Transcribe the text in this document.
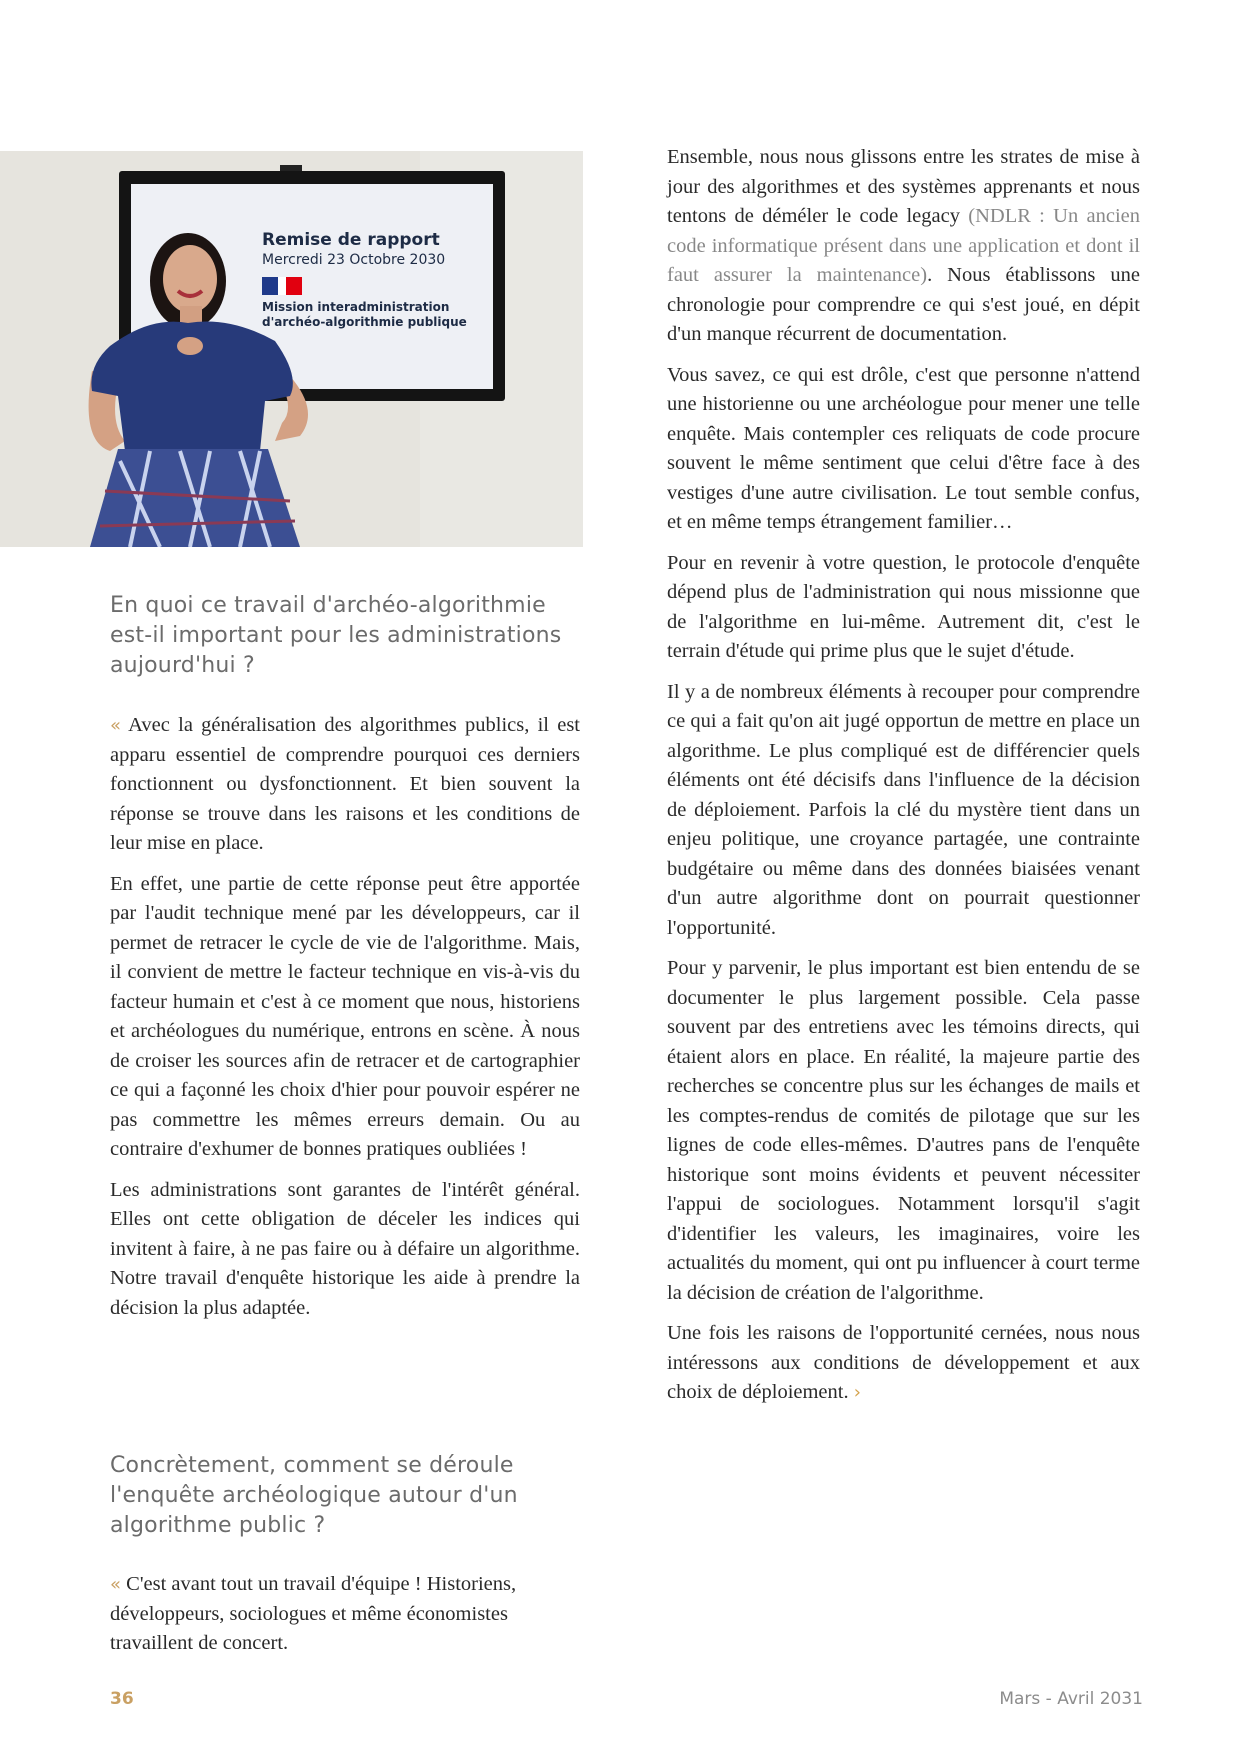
Remise de rapport
Mercredi 23 Octobre 2030
Mission interadministration
d'archéo-algorithmie publique
En quoi ce travail d'archéo-algorithmie est-il important pour les administrations aujourd'hui ?

« Avec la généralisation des algorithmes publics, il est apparu essentiel de comprendre pourquoi ces derniers fonctionnent ou dysfonctionnent. Et bien souvent la réponse se trouve dans les raisons et les conditions de leur mise en place.

En effet, une partie de cette réponse peut être apportée par l'audit technique mené par les développeurs, car il permet de retracer le cycle de vie de l'algorithme. Mais, il convient de mettre le facteur technique en vis-à-vis du facteur humain et c'est à ce moment que nous, historiens et archéologues du numérique, entrons en scène. À nous de croiser les sources afin de retracer et de cartographier ce qui a façonné les choix d'hier pour pouvoir espérer ne pas commettre les mêmes erreurs demain. Ou au contraire d'exhumer de bonnes pratiques oubliées !

Les administrations sont garantes de l'intérêt général. Elles ont cette obligation de déceler les indices qui invitent à faire, à ne pas faire ou à défaire un algorithme. Notre travail d'enquête historique les aide à prendre la décision la plus adaptée.

Concrètement, comment se déroule l'enquête archéologique autour d'un algorithme public ?

« C'est avant tout un travail d'équipe ! Historiens, développeurs, sociologues et même économistes travaillent de concert.

Ensemble, nous nous glissons entre les strates de mise à jour des algorithmes et des systèmes apprenants et nous tentons de déméler le code legacy (NDLR : Un ancien code informatique présent dans une application et dont il faut assurer la maintenance). Nous établissons une chronologie pour comprendre ce qui s'est joué, en dépit d'un manque récurrent de documentation.

Vous savez, ce qui est drôle, c'est que personne n'attend une historienne ou une archéologue pour mener une telle enquête. Mais contempler ces reliquats de code procure souvent le même sentiment que celui d'être face à des vestiges d'une autre civilisation. Le tout semble confus, et en même temps étrangement familier…

Pour en revenir à votre question, le protocole d'enquête dépend plus de l'administration qui nous missionne que de l'algorithme en lui-même. Autrement dit, c'est le terrain d'étude qui prime plus que le sujet d'étude.

Il y a de nombreux éléments à recouper pour comprendre ce qui a fait qu'on ait jugé opportun de mettre en place un algorithme. Le plus compliqué est de différencier quels éléments ont été décisifs dans l'influence de la décision de déploiement. Parfois la clé du mystère tient dans un enjeu politique, une croyance partagée, une contrainte budgétaire ou même dans des données biaisées venant d'un autre algorithme dont on pourrait questionner l'opportunité.

Pour y parvenir, le plus important est bien entendu de se documenter le plus largement possible. Cela passe souvent par des entretiens avec les témoins directs, qui étaient alors en place. En réalité, la majeure partie des recherches se concentre plus sur les échanges de mails et les comptes-rendus de comités de pilotage que sur les lignes de code elles-mêmes. D'autres pans de l'enquête historique sont moins évidents et peuvent nécessiter l'appui de sociologues. Notamment lorsqu'il s'agit d'identifier les valeurs, les imaginaires, voire les actualités du moment, qui ont pu influencer à court terme la décision de création de l'algorithme.

Une fois les raisons de l'opportunité cernées, nous nous intéressons aux conditions de développement et aux choix de déploiement. ›

36	Mars - Avril 2031
